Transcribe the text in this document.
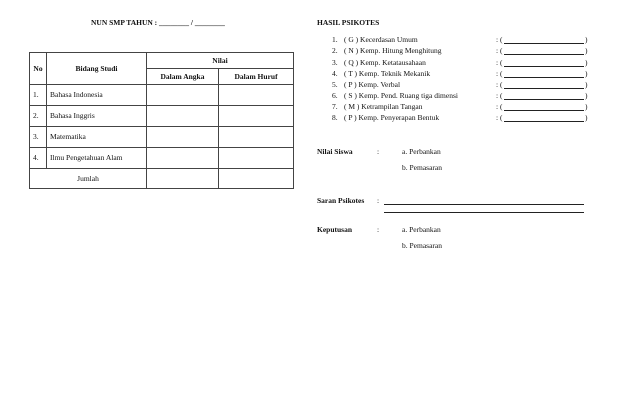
NUN SMP TAHUN : ________ / ________
No	Bidang Studi	Nilai	
		Dalam Angka	Dalam Huruf
1.	Bahasa Indonesia		
2.	Bahasa Inggris		
3.	Matematika		
4.	Ilmu Pengetahuan Alam		
Jumlah			
HASIL PSIKOTES
1. ( G ) Kecerdasan Umum	: (	)
2. ( N ) Kemp. Hitung Menghitung	: (	)
3. ( Q ) Kemp. Ketatausahaan	: (	)
4. ( T ) Kemp. Teknik Mekanik	: (	)
5. ( P ) Kemp. Verbal	: (	)
6. ( S ) Kemp. Pend. Ruang tiga dimensi	: (	)
7. ( M ) Ketrampilan Tangan	: (	)
8. ( P ) Kemp. Penyerapan Bentuk	: (	)
Nilai Siswa	:	a. Perbankan
b. Pemasaran
Saran Psikotes :
Keputusan	:	a. Perbankan
b. Pemasaran
